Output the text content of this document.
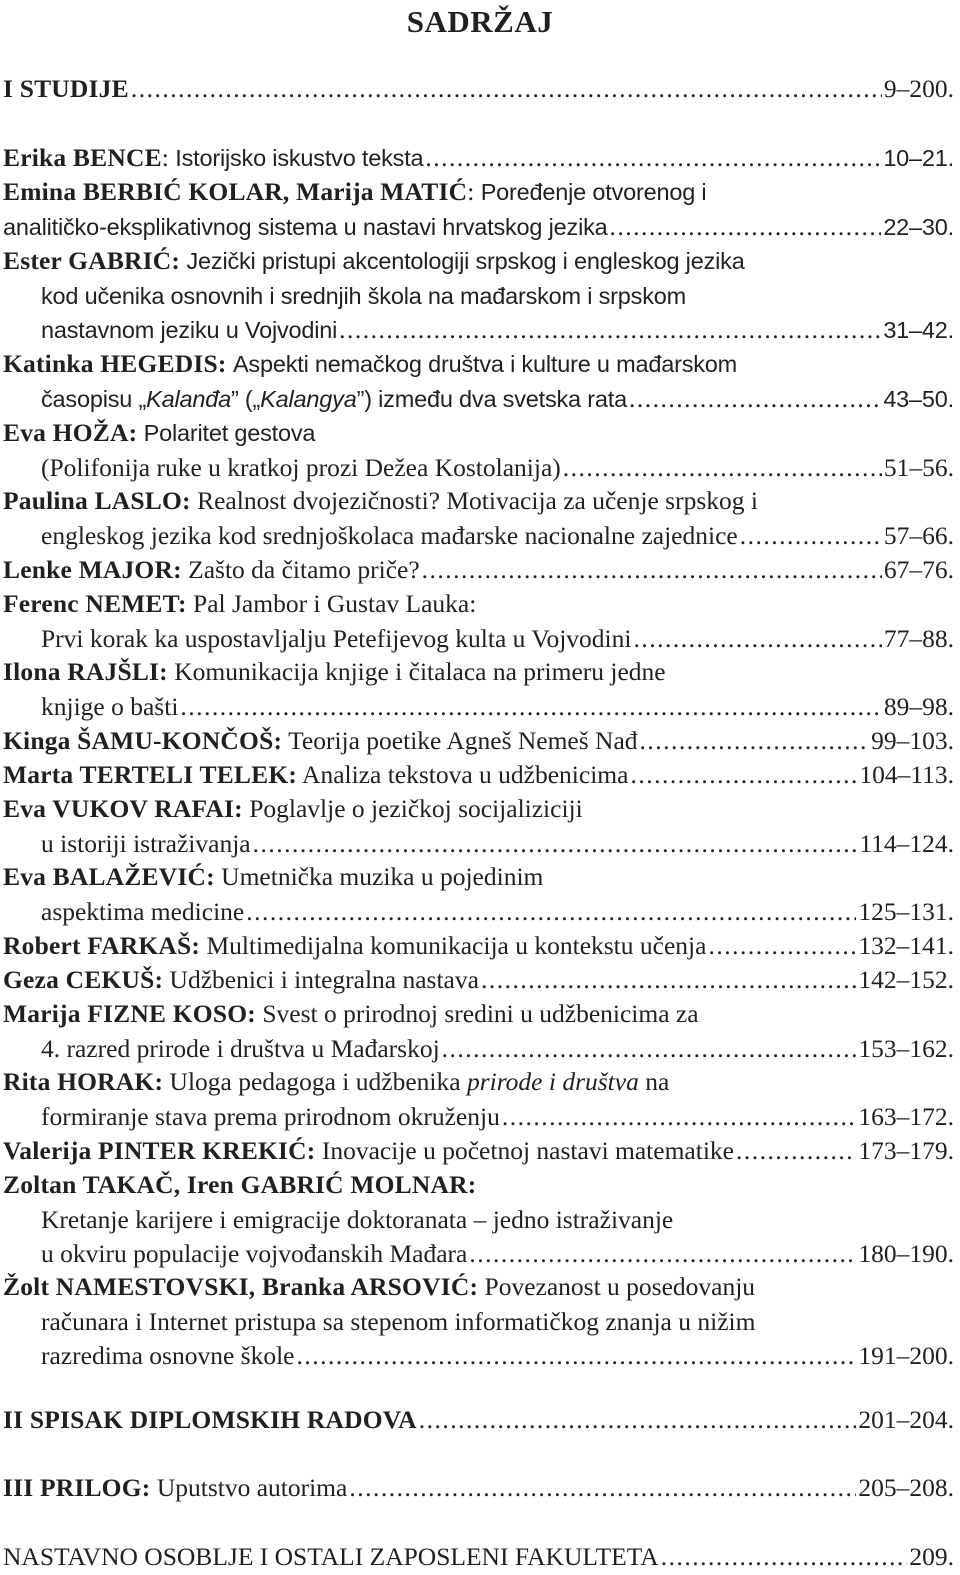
SADRŽAJ
I STUDIJE .....	9–200.
Erika BENCE: Istorijsko iskustvo teksta .....	10–21.
Emina BERBIĆ KOLAR, Marija MATIĆ: Poređenje otvorenog i
analitičko-eksplikativnog sistema u nastavi hrvatskog jezika .....	22–30.
Ester GABRIĆ: Jezički pristupi akcentologiji srpskog i engleskog jezika
kod učenika osnovnih i srednjih škola na mađarskom i srpskom
nastavnom jeziku u Vojvodini .....	31–42.
Katinka HEGEDIS: Aspekti nemačkog društva i kulture u mađarskom
časopisu „Kalanđa” („Kalangya”) između dva svetska rata .....	43–50.
Eva HOŽA: Polaritet gestova
(Polifonija ruke u kratkoj prozi Dežea Kostolanija) .....	51–56.
Paulina LASLO: Realnost dvojezičnosti? Motivacija za učenje srpskog i
engleskog jezika kod srednjoškolaca mađarske nacionalne zajednice .....	57–66.
Lenke MAJOR: Zašto da čitamo priče? .....	67–76.
Ferenc NEMET: Pal Jambor i Gustav Lauka:
Prvi korak ka uspostavljalju Petefijevog kulta u Vojvodini .....	77–88.
Ilona RAJŠLI: Komunikacija knjige i čitalaca na primeru jedne
knjige o bašti .....	89–98.
Kinga ŠAMU-KONČOŠ: Teorija poetike Agneš Nemeš Nađ .....	99–103.
Marta TERTELI TELEK: Analiza tekstova u udžbenicima .....	104–113.
Eva VUKOV RAFAI: Poglavlje o jezičkoj socijaliziciji
u istoriji istraživanja .....	114–124.
Eva BALAŽEVIĆ: Umetnička muzika u pojedinim
aspektima medicine .....	125–131.
Robert FARKAŠ: Multimedijalna komunikacija u kontekstu učenja .....	132–141.
Geza CEKUŠ: Udžbenici i integralna nastava .....	142–152.
Marija FIZNE KOSO: Svest o prirodnoj sredini u udžbenicima za
4. razred prirode i društva u Mađarskoj .....	153–162.
Rita HORAK: Uloga pedagoga i udžbenika prirode i društva na
formiranje stava prema prirodnom okruženju .....	163–172.
Valerija PINTER KREKIĆ: Inovacije u početnoj nastavi matematike .....	173–179.
Zoltan TAKAČ, Iren GABRIĆ MOLNAR:
Kretanje karijere i emigracije doktoranata – jedno istraživanje
u okviru populacije vojvođanskih Mađara .....	180–190.
Žolt NAMESTOVSKI, Branka ARSOVIĆ: Povezanost u posedovanju
računara i Internet pristupa sa stepenom informatičkog znanja u nižim
razredima osnovne škole .....	191–200.
II SPISAK DIPLOMSKIH RADOVA .....	201–204.
III PRILOG: Uputstvo autorima .....	205–208.
NASTAVNO OSOBLJE I OSTALI ZAPOSLENI FAKULTETA .....	209.
